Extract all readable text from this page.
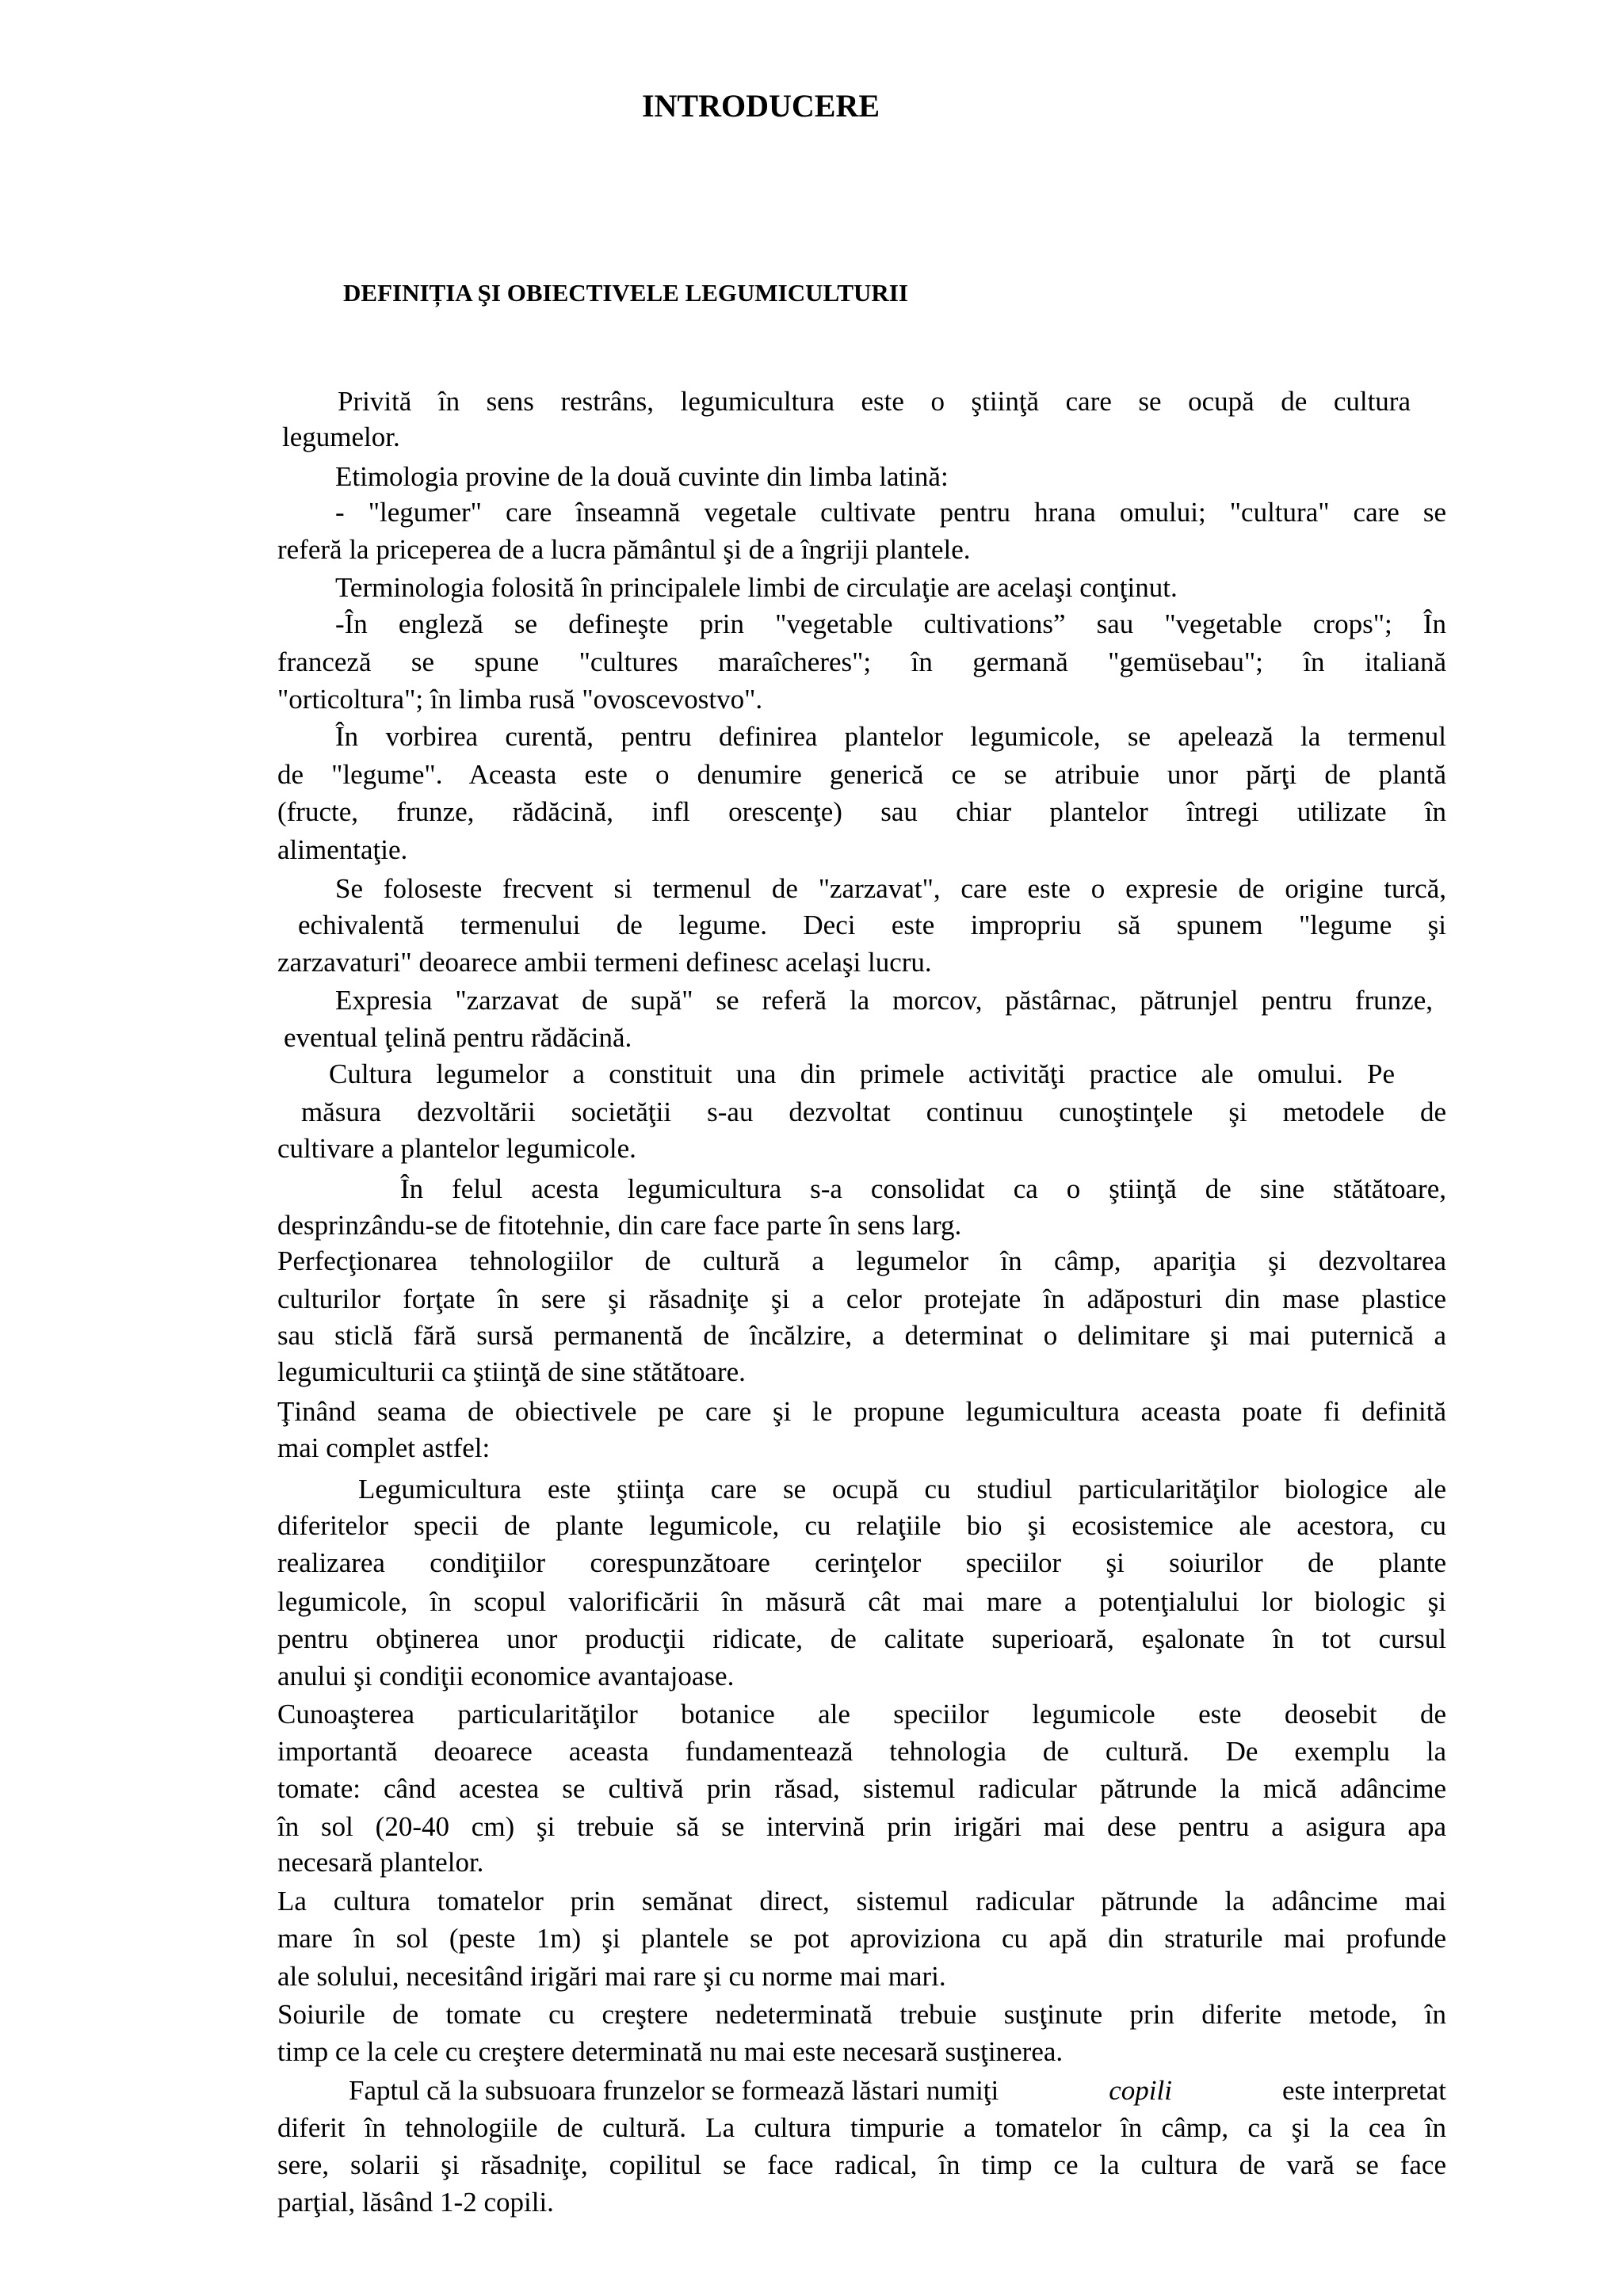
INTRODUCERE
DEFINIȚIA ŞI OBIECTIVELE LEGUMICULTURII

Privită în sens restrâns, legumicultura este o ştiinţă care se ocupă de cultura

legumelor.

Etimologia provine de la două cuvinte din limba latină:

- "legumer" care înseamnă vegetale cultivate pentru hrana omului; "cultura" care se

referă la priceperea de a lucra pământul şi de a îngriji plantele.

Terminologia folosită în principalele limbi de circulaţie are acelaşi conţinut.

-În engleză se defineşte prin "vegetable cultivations” sau "vegetable crops"; În

franceză se spune "cultures maraîcheres"; în germană "gemüsebau"; în italiană

"orticoltura"; în limba rusă "ovoscevostvo".

În vorbirea curentă, pentru definirea plantelor legumicole, se apelează la termenul

de "legume". Aceasta este o denumire generică ce se atribuie unor părţi de plantă

(fructe, frunze, rădăcină, infl orescenţe) sau chiar plantelor întregi utilizate în

alimentaţie.

Se foloseste frecvent si termenul de "zarzavat", care este o expresie de origine turcă,

echivalentă termenului de legume. Deci este impropriu să spunem "legume şi

zarzavaturi" deoarece ambii termeni definesc acelaşi lucru.

Expresia "zarzavat de supă" se referă la morcov, păstârnac, pătrunjel pentru frunze,

eventual ţelină pentru rădăcină.

Cultura legumelor a constituit una din primele activităţi practice ale omului. Pe

măsura dezvoltării societăţii s-au dezvoltat continuu cunoştinţele şi metodele de

cultivare a plantelor legumicole.

În felul acesta legumicultura s-a consolidat ca o ştiinţă de sine stătătoare,

desprinzându-se de fitotehnie, din care face parte în sens larg.

Perfecţionarea tehnologiilor de cultură a legumelor în câmp, apariţia şi dezvoltarea

culturilor forţate în sere şi răsadniţe şi a celor protejate în adăposturi din mase plastice

sau sticlă fără sursă permanentă de încălzire, a determinat o delimitare şi mai puternică a

legumiculturii ca ştiinţă de sine stătătoare.

Ţinând seama de obiectivele pe care şi le propune legumicultura aceasta poate fi definită

mai complet astfel:

Legumicultura este ştiinţa care se ocupă cu studiul particularităţilor biologice ale

diferitelor specii de plante legumicole, cu relaţiile bio şi ecosistemice ale acestora, cu

realizarea condiţiilor corespunzătoare cerinţelor speciilor şi soiurilor de plante

legumicole, în scopul valorificării în măsură cât mai mare a potenţialului lor biologic şi

pentru obţinerea unor producţii ridicate, de calitate superioară, eşalonate în tot cursul

anului şi condiţii economice avantajoase.

Cunoaşterea particularităţilor botanice ale speciilor legumicole este deosebit de

importantă deoarece aceasta fundamentează tehnologia de cultură. De exemplu la

tomate: când acestea se cultivă prin răsad, sistemul radicular pătrunde la mică adâncime

în sol (20-40 cm) şi trebuie să se intervină prin irigări mai dese pentru a asigura apa

necesară plantelor.

La cultura tomatelor prin semănat direct, sistemul radicular pătrunde la adâncime mai

mare în sol (peste 1m) şi plantele se pot aproviziona cu apă din straturile mai profunde

ale solului, necesitând irigări mai rare şi cu norme mai mari.

Soiurile de tomate cu creştere nedeterminată trebuie susţinute prin diferite metode, în

timp ce la cele cu creştere determinată nu mai este necesară susţinerea.

Faptul că la subsuoara frunzelor se formează lăstari numiţi	copili	este interpretat

diferit în tehnologiile de cultură. La cultura timpurie a tomatelor în câmp, ca şi la cea în

sere, solarii şi răsadniţe, copilitul se face radical, în timp ce la cultura de vară se face

parţial, lăsând 1-2 copili.
